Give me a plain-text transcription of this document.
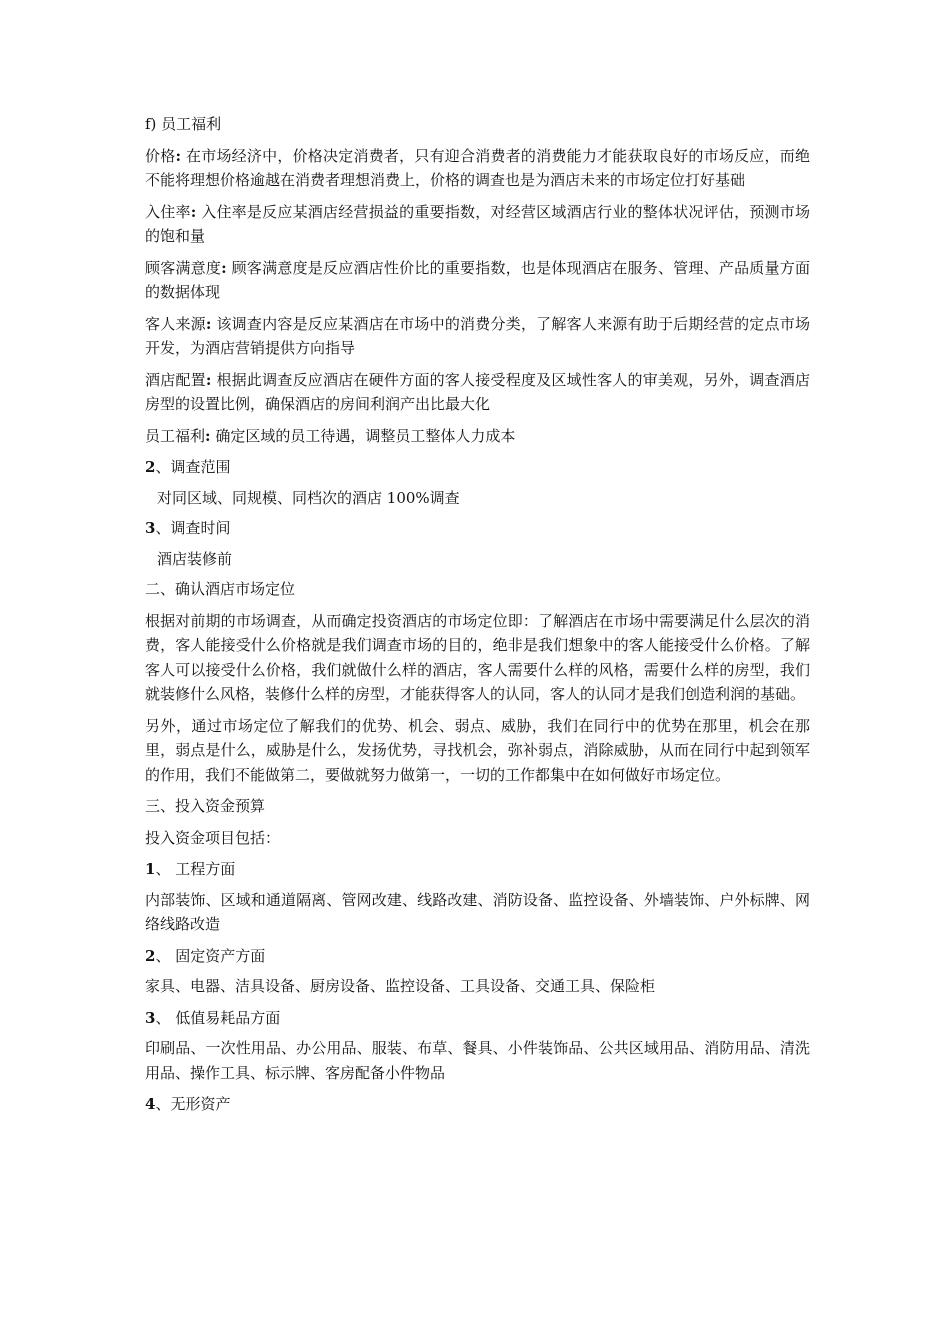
f) 员工福利

价格: 在市场经济中，价格决定消费者，只有迎合消费者的消费能力才能获取良好的市场反应，而绝不能将理想价格逾越在消费者理想消费上，价格的调查也是为酒店未来的市场定位打好基础

入住率: 入住率是反应某酒店经营损益的重要指数，对经营区域酒店行业的整体状况评估，预测市场的饱和量

顾客满意度: 顾客满意度是反应酒店性价比的重要指数，也是体现酒店在服务、管理、产品质量方面的数据体现

客人来源: 该调查内容是反应某酒店在市场中的消费分类，了解客人来源有助于后期经营的定点市场开发，为酒店营销提供方向指导

酒店配置: 根据此调查反应酒店在硬件方面的客人接受程度及区域性客人的审美观，另外，调查酒店房型的设置比例，确保酒店的房间利润产出比最大化

员工福利: 确定区域的员工待遇，调整员工整体人力成本

2、调查范围

对同区域、同规模、同档次的酒店 100%调查

3、调查时间

酒店装修前

二、确认酒店市场定位

根据对前期的市场调查，从而确定投资酒店的市场定位即：了解酒店在市场中需要满足什么层次的消费，客人能接受什么价格就是我们调查市场的目的，绝非是我们想象中的客人能接受什么价格。了解客人可以接受什么价格，我们就做什么样的酒店，客人需要什么样的风格，需要什么样的房型，我们就装修什么风格，装修什么样的房型，才能获得客人的认同，客人的认同才是我们创造利润的基础。

另外，通过市场定位了解我们的优势、机会、弱点、威胁，我们在同行中的优势在那里，机会在那里，弱点是什么，威胁是什么，发扬优势，寻找机会，弥补弱点，消除威胁，从而在同行中起到领军的作用，我们不能做第二，要做就努力做第一，一切的工作都集中在如何做好市场定位。

三、投入资金预算

投入资金项目包括：

1、 工程方面

内部装饰、区域和通道隔离、管网改建、线路改建、消防设备、监控设备、外墙装饰、户外标牌、网络线路改造

2、 固定资产方面

家具、电器、洁具设备、厨房设备、监控设备、工具设备、交通工具、保险柜

3、 低值易耗品方面

印刷品、一次性用品、办公用品、服装、布草、餐具、小件装饰品、公共区域用品、消防用品、清洗用品、操作工具、标示牌、客房配备小件物品

4、无形资产
